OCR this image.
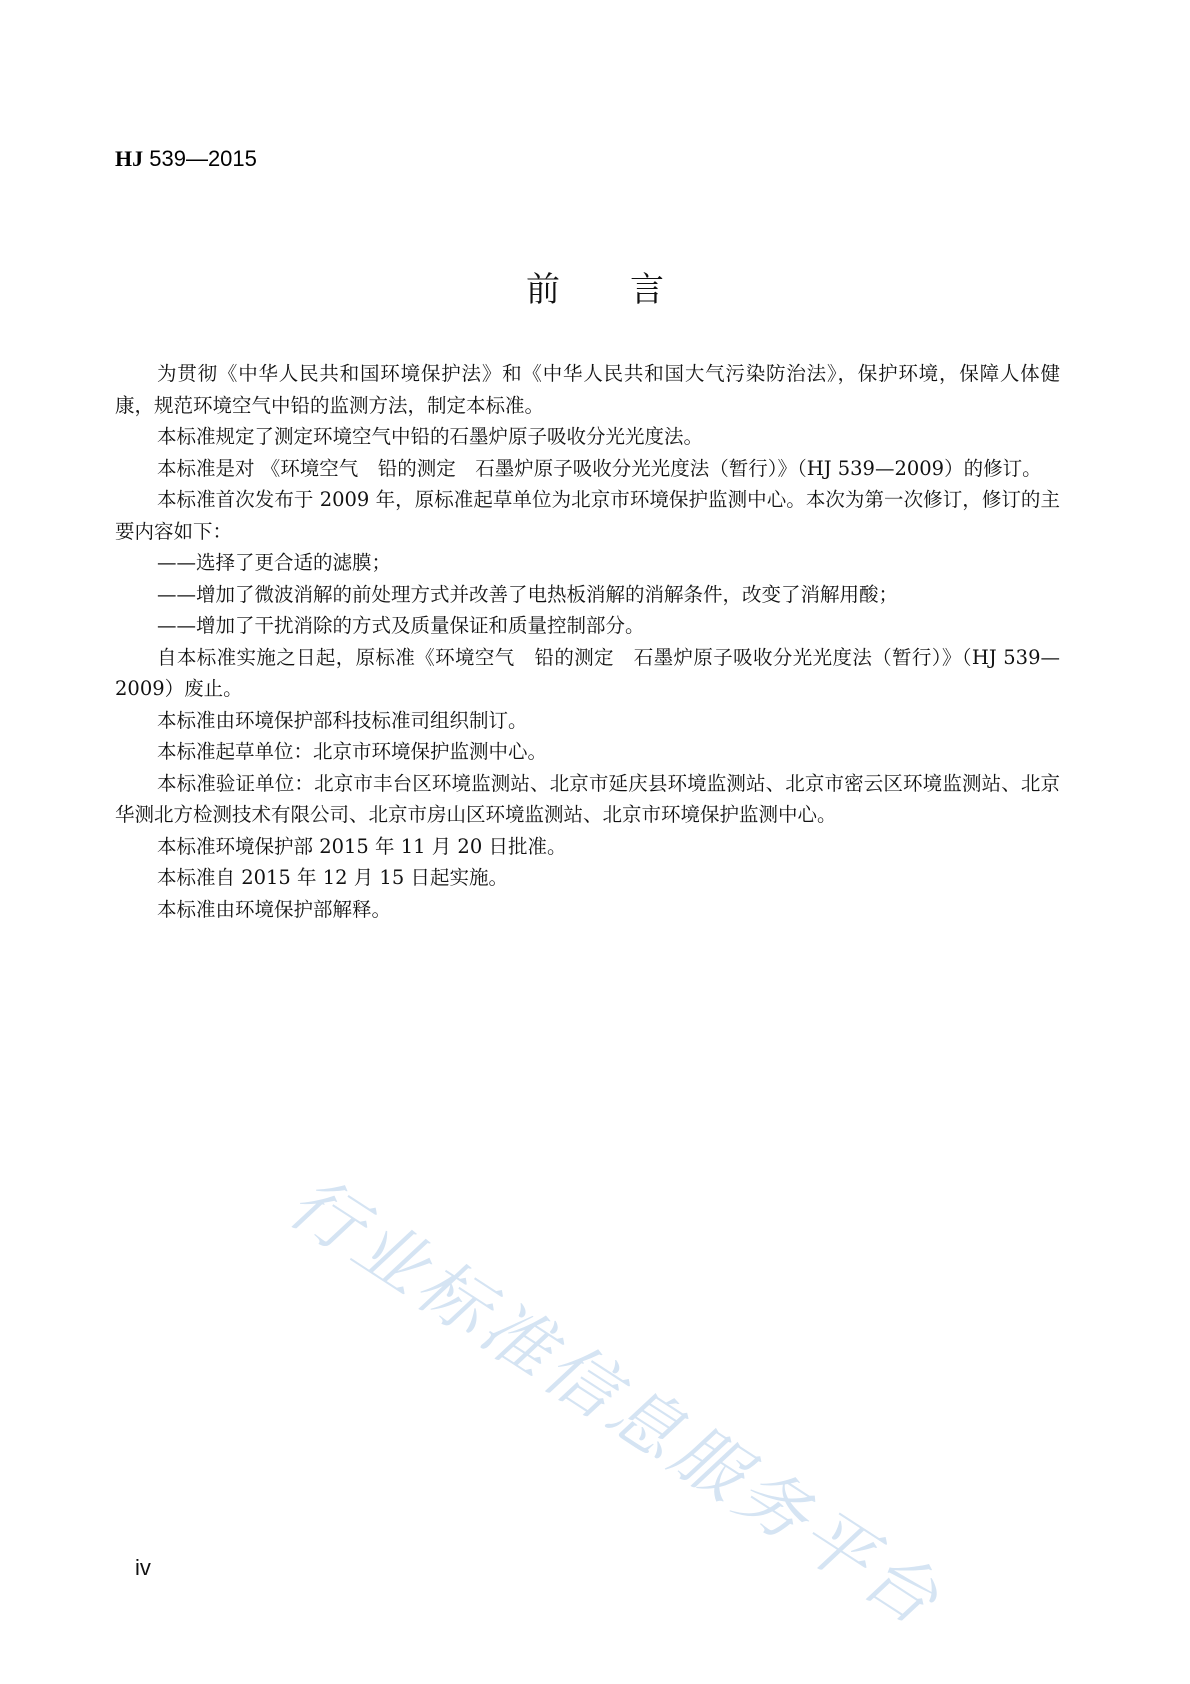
HJ 539—2015
前言

为贯彻《中华人民共和国环境保护法》和《中华人民共和国大气污染防治法》，保护环境，保障人体健康，规范环境空气中铅的监测方法，制定本标准。

本标准规定了测定环境空气中铅的石墨炉原子吸收分光光度法。

本标准是对 《环境空气　铅的测定　石墨炉原子吸收分光光度法（暂行）》（HJ 539—2009）的修订。

本标准首次发布于 2009 年，原标准起草单位为北京市环境保护监测中心。本次为第一次修订，修订的主要内容如下：

——选择了更合适的滤膜；

——增加了微波消解的前处理方式并改善了电热板消解的消解条件，改变了消解用酸；

——增加了干扰消除的方式及质量保证和质量控制部分。

自本标准实施之日起，原标准《环境空气　铅的测定　石墨炉原子吸收分光光度法（暂行）》（HJ 539—2009）废止。

本标准由环境保护部科技标准司组织制订。

本标准起草单位：北京市环境保护监测中心。

本标准验证单位：北京市丰台区环境监测站、北京市延庆县环境监测站、北京市密云区环境监测站、北京华测北方检测技术有限公司、北京市房山区环境监测站、北京市环境保护监测中心。

本标准环境保护部 2015 年 11 月 20 日批准。

本标准自 2015 年 12 月 15 日起实施。

本标准由环境保护部解释。

行业标准信息服务平台
iv
